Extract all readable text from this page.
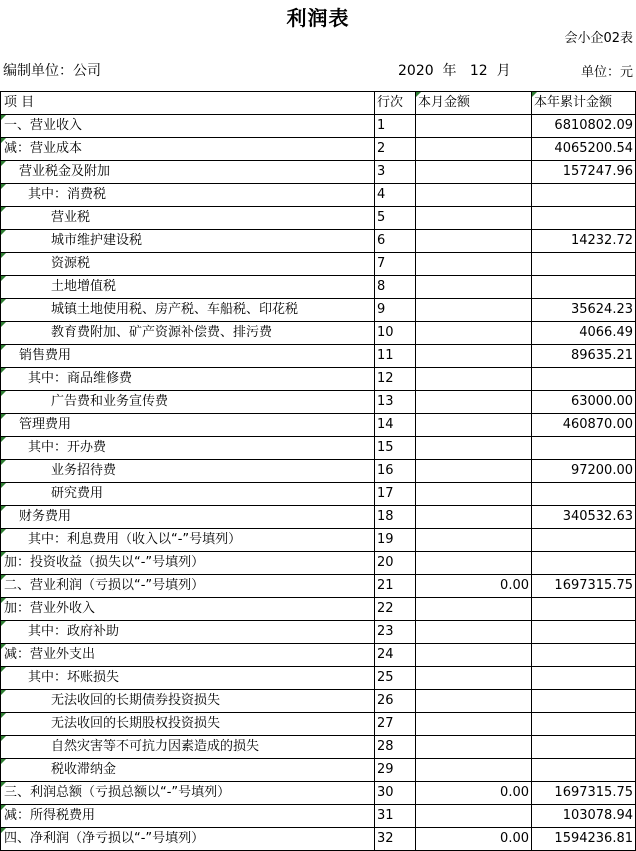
利润表
会小企02表
编制单位：公司	2020  年   12  月	单位：元
项 目	行次	本月金额	本年累计金额

一、营业收入	1		6810802.09

减：营业成本	2		4065200.54

营业税金及附加	3		157247.96

其中：消费税	4		

营业税	5		

城市维护建设税	6		14232.72

资源税	7		

土地增值税	8		

城镇土地使用税、房产税、车船税、印花税	9		35624.23

教育费附加、矿产资源补偿费、排污费	10		4066.49

销售费用	11		89635.21

其中：商品维修费	12		

广告费和业务宣传费	13		63000.00

管理费用	14		460870.00

其中：开办费	15		

业务招待费	16		97200.00

研究费用	17		

财务费用	18		340532.63

其中：利息费用（收入以“-”号填列）	19		

加：投资收益（损失以“-”号填列）	20		

二、营业利润（亏损以“-”号填列）	21	0.00	1697315.75

加：营业外收入	22		

其中：政府补助	23		

减：营业外支出	24		

其中：坏账损失	25		

无法收回的长期债券投资损失	26		

无法收回的长期股权投资损失	27		

自然灾害等不可抗力因素造成的损失	28		

税收滞纳金	29		

三、利润总额（亏损总额以“-”号填列）	30	0.00	1697315.75

减：所得税费用	31		103078.94

四、净利润（净亏损以“-”号填列）	32	0.00	1594236.81
